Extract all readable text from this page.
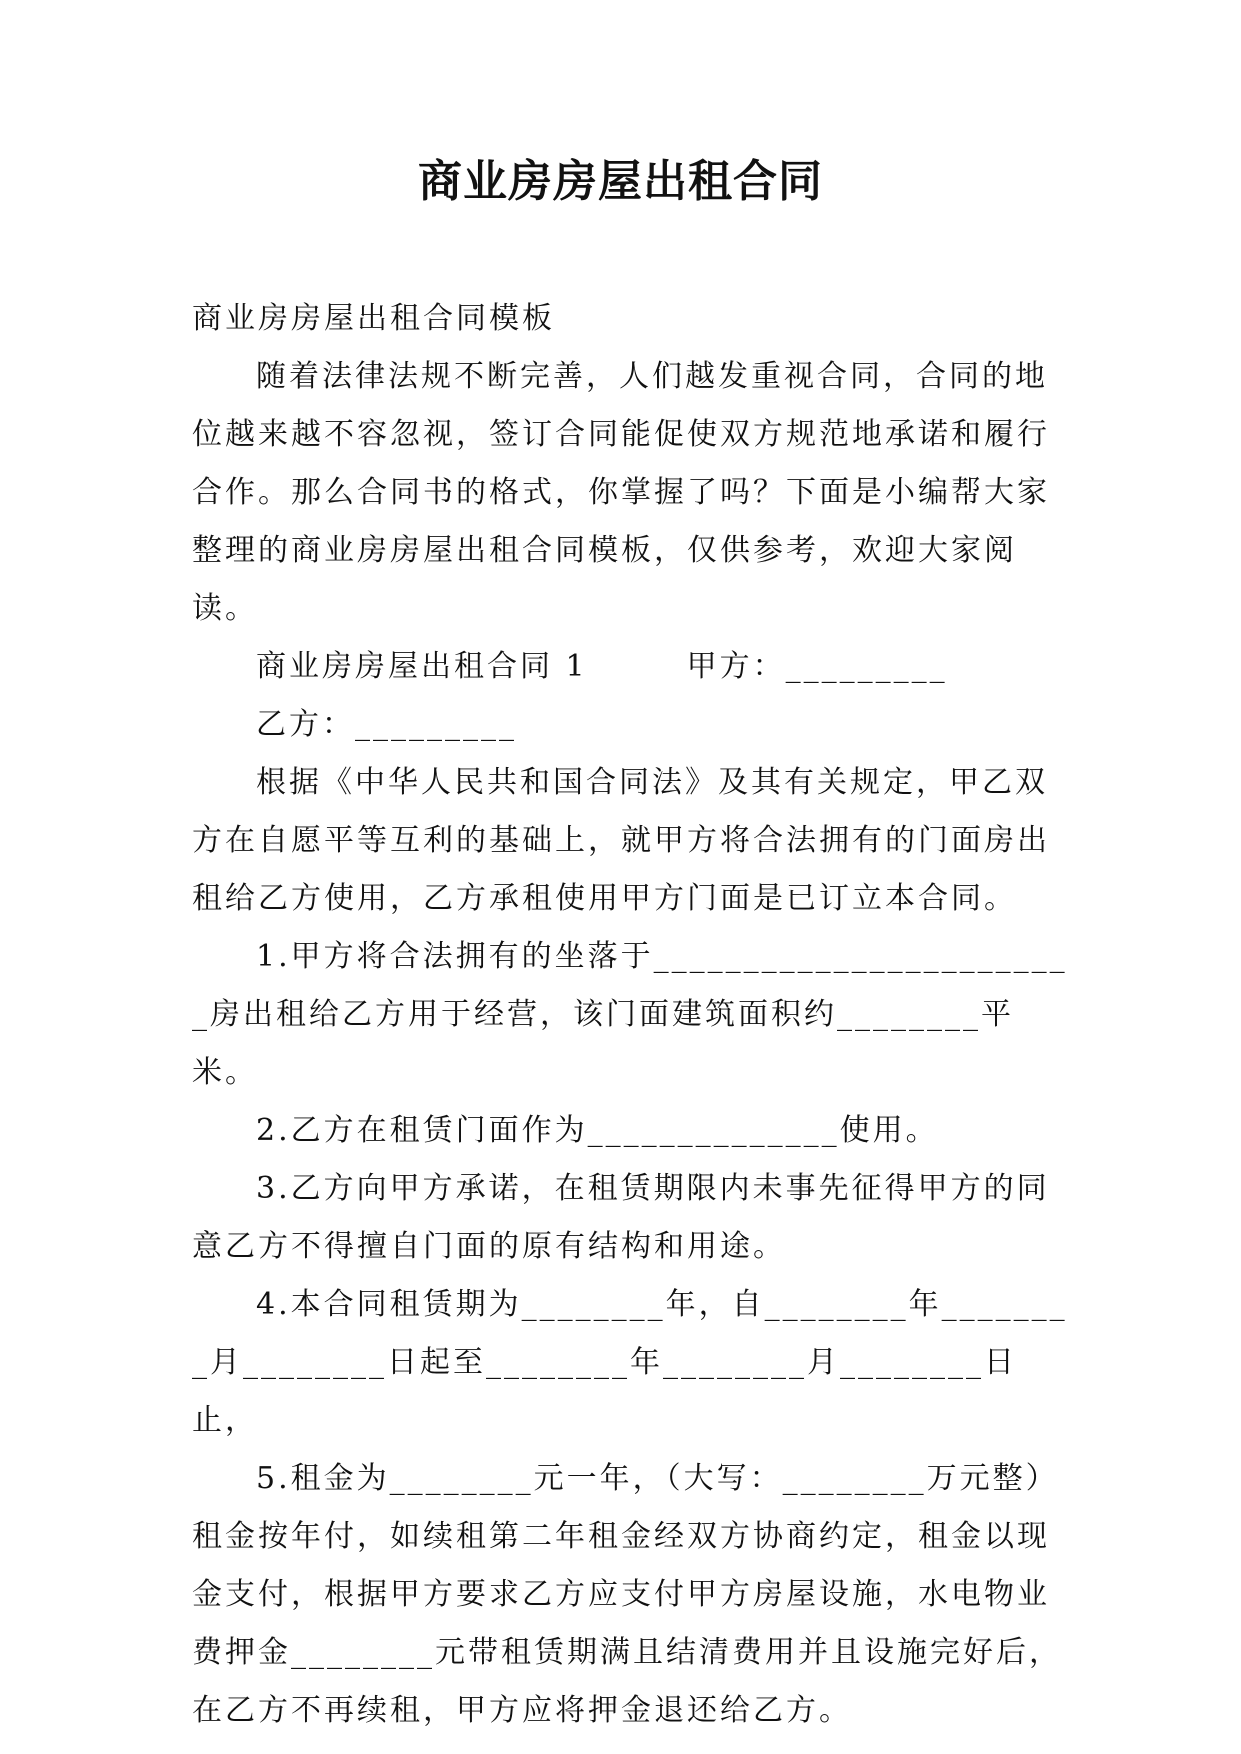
商业房房屋出租合同

商业房房屋出租合同模板

随着法律法规不断完善，人们越发重视合同，合同的地位越来越不容忽视，签订合同能促使双方规范地承诺和履行合作。那么合同书的格式，你掌握了吗？下面是小编帮大家整理的商业房房屋出租合同模板，仅供参考，欢迎大家阅读。

商业房房屋出租合同 1　　　甲方：_________

乙方：_________

根据《中华人民共和国合同法》及其有关规定，甲乙双方在自愿平等互利的基础上，就甲方将合法拥有的门面房出租给乙方使用，乙方承租使用甲方门面是已订立本合同。

1.甲方将合法拥有的坐落于________________________房出租给乙方用于经营，该门面建筑面积约________平米。

2.乙方在租赁门面作为______________使用。

3.乙方向甲方承诺，在租赁期限内未事先征得甲方的同意乙方不得擅自门面的原有结构和用途。

4.本合同租赁期为________年，自________年________月________日起至________年________月________日止，

5.租金为________元一年，（大写：________万元整）租金按年付，如续租第二年租金经双方协商约定，租金以现金支付，根据甲方要求乙方应支付甲方房屋设施，水电物业费押金________元带租赁期满且结清费用并且设施完好后，在乙方不再续租，甲方应将押金退还给乙方。
